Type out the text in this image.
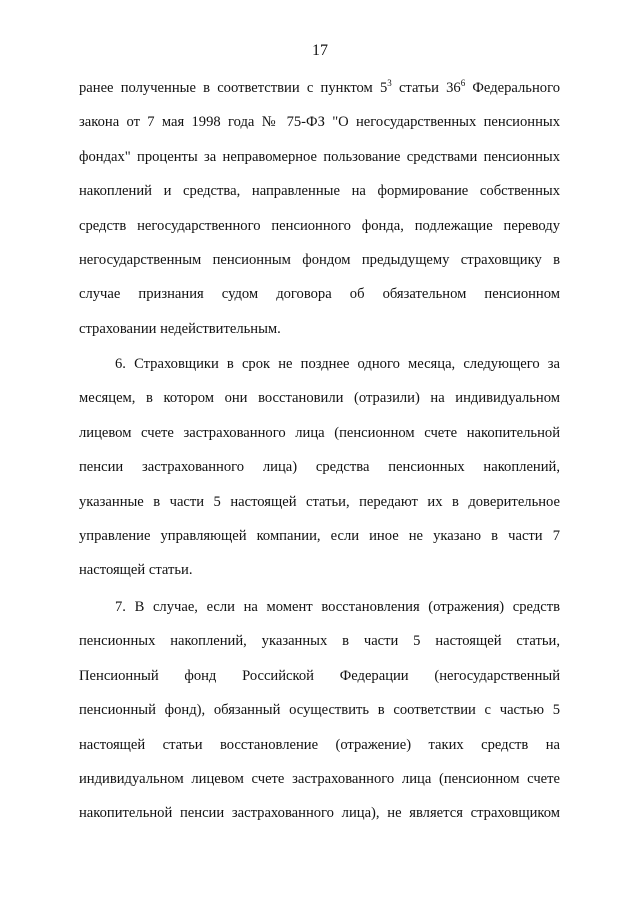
17
ранее полученные в соответствии с пунктом $5^3$ статьи $36^6$ Федерального
закона от 7 мая 1998 года № 75-ФЗ "О негосударственных пенсионных
фондах" проценты за неправомерное пользование средствами пенсионных
накоплений и средства, направленные на формирование собственных
средств негосударственного пенсионного фонда, подлежащие переводу
негосударственным пенсионным фондом предыдущему страховщику в
случае признания судом договора об обязательном пенсионном
страховании недействительным.
6. Страховщики в срок не позднее одного месяца, следующего за
месяцем, в котором они восстановили (отразили) на индивидуальном
лицевом счете застрахованного лица (пенсионном счете накопительной
пенсии застрахованного лица) средства пенсионных накоплений,
указанные в части 5 настоящей статьи, передают их в доверительное
управление управляющей компании, если иное не указано в части 7
настоящей статьи.
7. В случае, если на момент восстановления (отражения) средств
пенсионных накоплений, указанных в части 5 настоящей статьи,
Пенсионный фонд Российской Федерации (негосударственный
пенсионный фонд), обязанный осуществить в соответствии с частью 5
настоящей статьи восстановление (отражение) таких средств на
индивидуальном лицевом счете застрахованного лица (пенсионном счете
накопительной пенсии застрахованного лица), не является страховщиком
